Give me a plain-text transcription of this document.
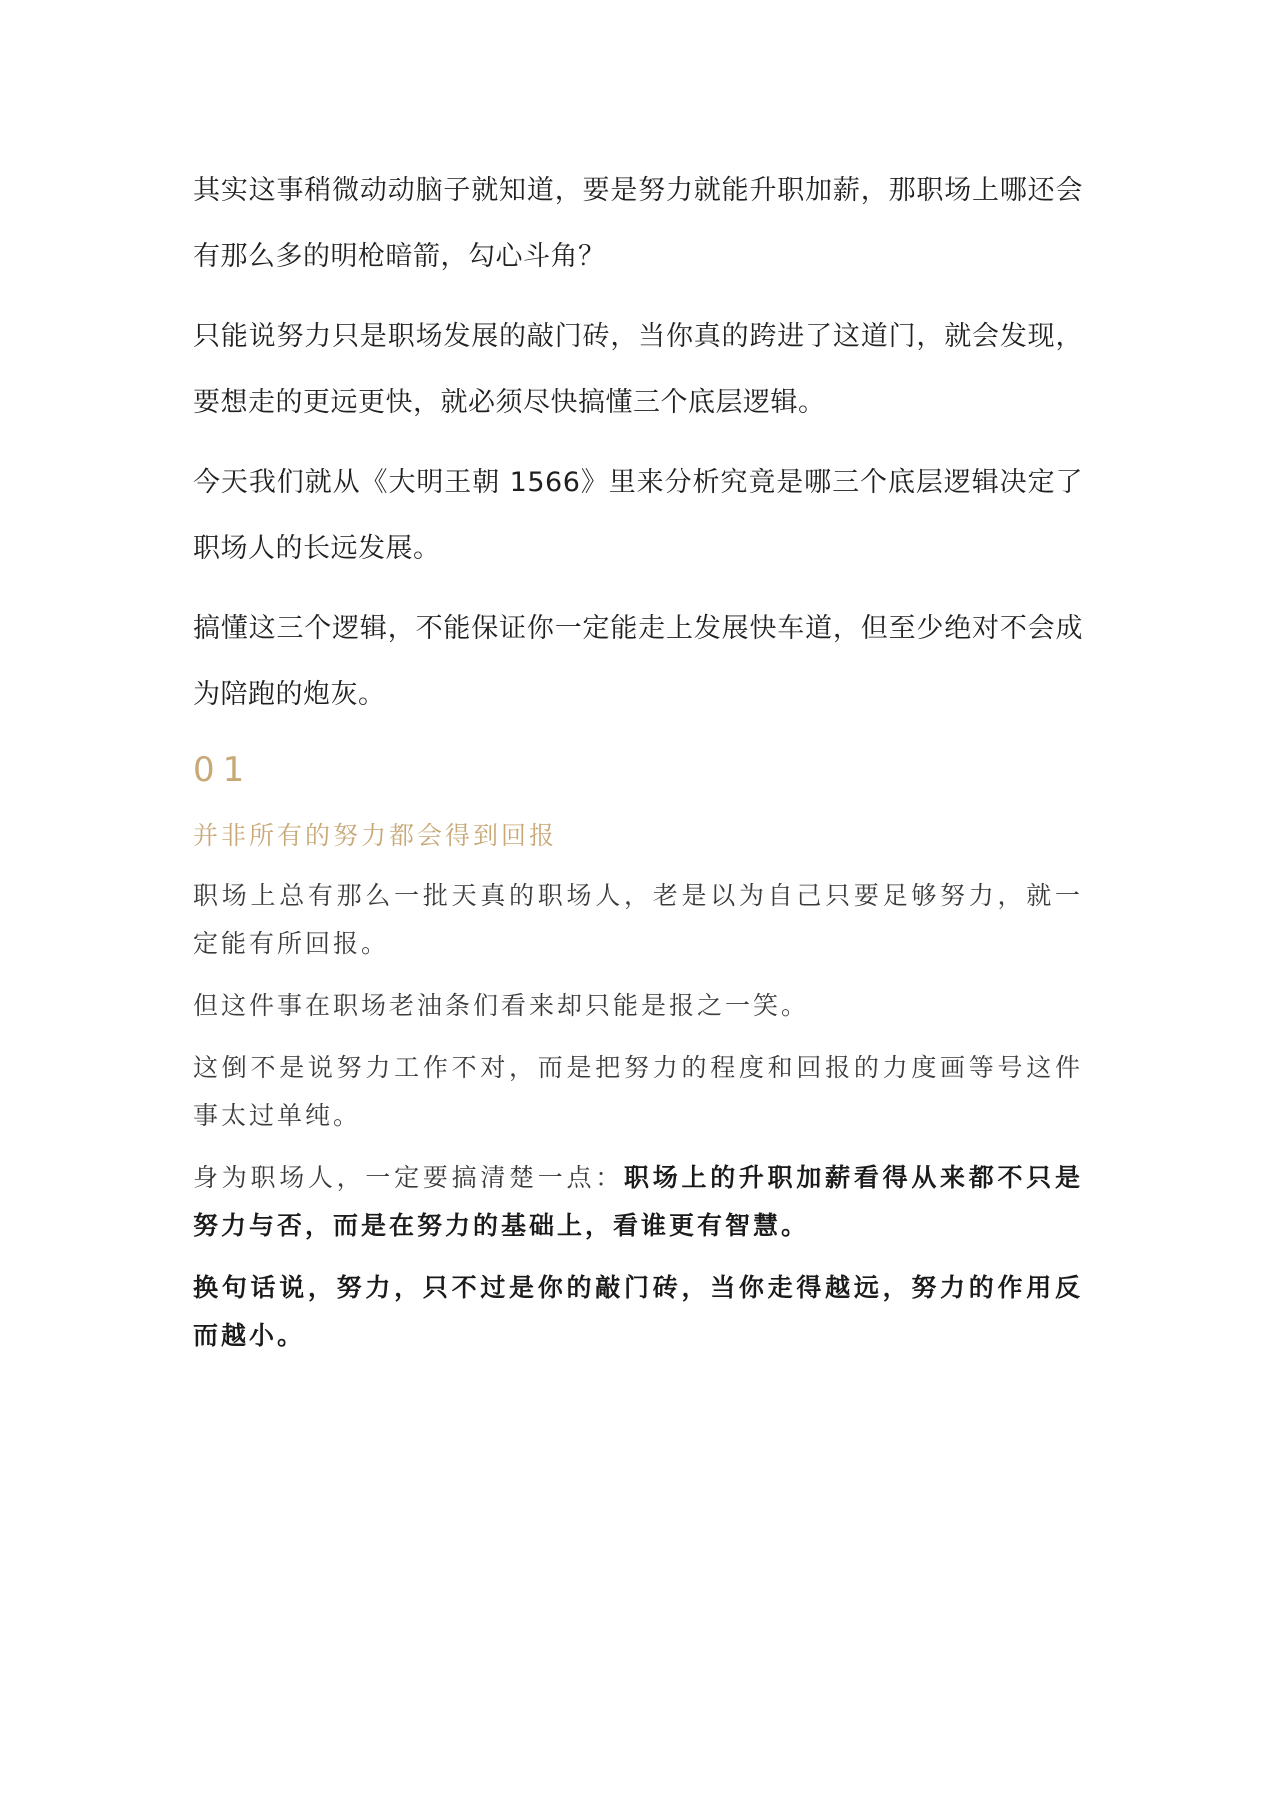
其实这事稍微动动脑子就知道，要是努力就能升职加薪，那职场上哪还会有那么多的明枪暗箭，勾心斗角？

只能说努力只是职场发展的敲门砖，当你真的跨进了这道门，就会发现，要想走的更远更快，就必须尽快搞懂三个底层逻辑。

今天我们就从《大明王朝 1566》里来分析究竟是哪三个底层逻辑决定了职场人的长远发展。

搞懂这三个逻辑，不能保证你一定能走上发展快车道，但至少绝对不会成为陪跑的炮灰。

01
并非所有的努力都会得到回报

职场上总有那么一批天真的职场人，老是以为自己只要足够努力，就一定能有所回报。

但这件事在职场老油条们看来却只能是报之一笑。

这倒不是说努力工作不对，而是把努力的程度和回报的力度画等号这件事太过单纯。

身为职场人，一定要搞清楚一点：职场上的升职加薪看得从来都不只是努力与否，而是在努力的基础上，看谁更有智慧。

换句话说，努力，只不过是你的敲门砖，当你走得越远，努力的作用反而越小。
